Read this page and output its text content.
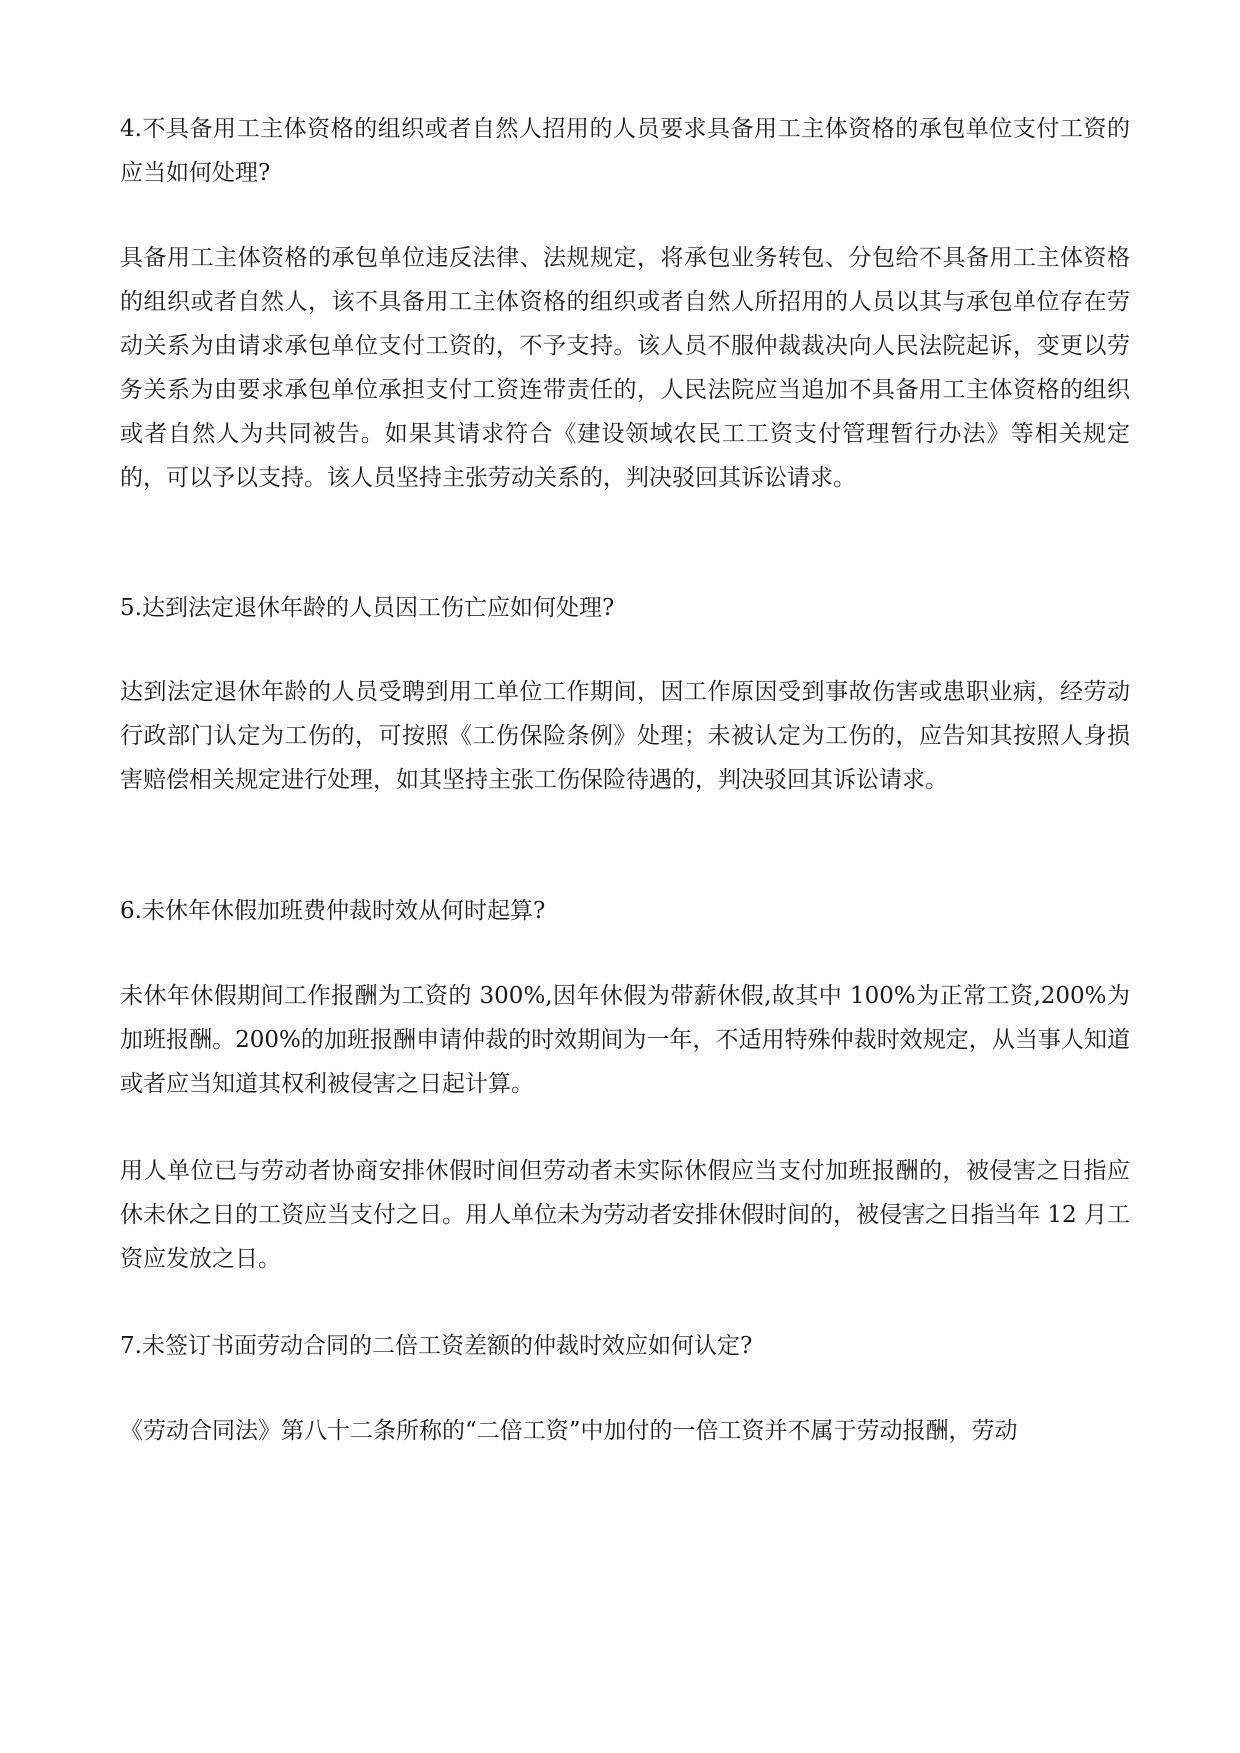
4.不具备用工主体资格的组织或者自然人招用的人员要求具备用工主体资格的承包单位支付工资的应当如何处理?

具备用工主体资格的承包单位违反法律、法规规定，将承包业务转包、分包给不具备用工主体资格的组织或者自然人，该不具备用工主体资格的组织或者自然人所招用的人员以其与承包单位存在劳动关系为由请求承包单位支付工资的，不予支持。该人员不服仲裁裁决向人民法院起诉，变更以劳务关系为由要求承包单位承担支付工资连带责任的，人民法院应当追加不具备用工主体资格的组织或者自然人为共同被告。如果其请求符合《建设领域农民工工资支付管理暂行办法》等相关规定的，可以予以支持。该人员坚持主张劳动关系的，判决驳回其诉讼请求。

5.达到法定退休年龄的人员因工伤亡应如何处理?

达到法定退休年龄的人员受聘到用工单位工作期间，因工作原因受到事故伤害或患职业病，经劳动行政部门认定为工伤的，可按照《工伤保险条例》处理；未被认定为工伤的，应告知其按照人身损害赔偿相关规定进行处理，如其坚持主张工伤保险待遇的，判决驳回其诉讼请求。

6.未休年休假加班费仲裁时效从何时起算?

未休年休假期间工作报酬为工资的 300%,因年休假为带薪休假,故其中 100%为正常工资,200%为加班报酬。200%的加班报酬申请仲裁的时效期间为一年，不适用特殊仲裁时效规定，从当事人知道或者应当知道其权利被侵害之日起计算。

用人单位已与劳动者协商安排休假时间但劳动者未实际休假应当支付加班报酬的，被侵害之日指应休未休之日的工资应当支付之日。用人单位未为劳动者安排休假时间的，被侵害之日指当年 12 月工资应发放之日。

7.未签订书面劳动合同的二倍工资差额的仲裁时效应如何认定?

《劳动合同法》第八十二条所称的“二倍工资”中加付的一倍工资并不属于劳动报酬，劳动
